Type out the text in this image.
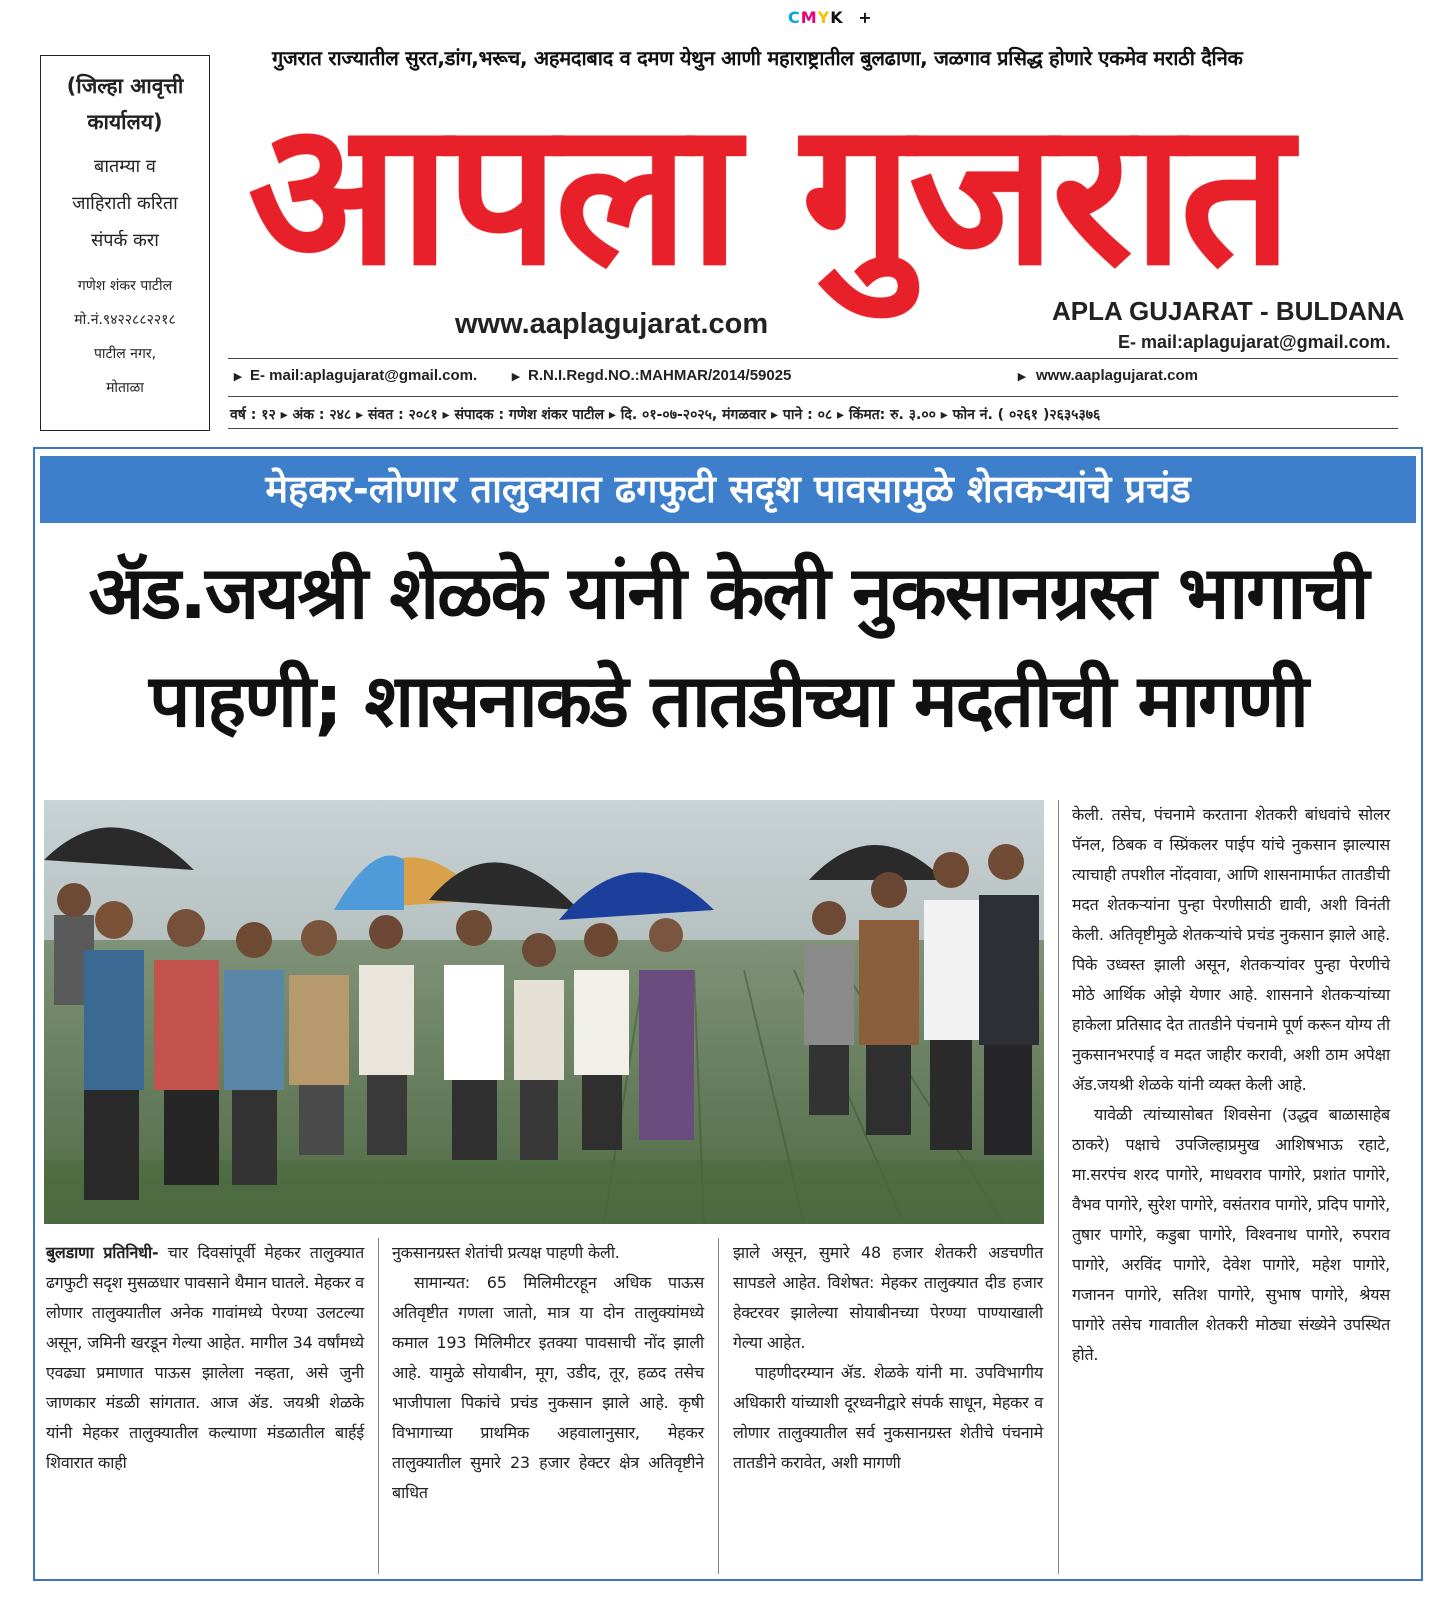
CMYK +
(जिल्हा आवृत्ती
कार्यालय)
बातम्या व
जाहिराती करिता
संपर्क करा
गणेश शंकर पाटील
मो.नं.९४२२८८२२१८
पाटील नगर,
मोताळा
गुजरात राज्यातील सुरत,डांग,भरूच, अहमदाबाद व दमण येथुन आणी महाराष्ट्रातील बुलढाणा, जळगाव प्रसिद्ध होणारे एकमेव मराठी दैनिक
आपला गुजरात
www.aaplagujarat.com	APLA GUJARAT - BULDANA
E- mail:aplagujarat@gmail.com.
▸ E- mail:aplagujarat@gmail.com. ▸ R.N.I.Regd.NO.:MAHMAR/2014/59025	▸ www.aaplagujarat.com
वर्ष : १२ ▸ अंक : २४८ ▸ संवत : २०८१ ▸ संपादक : गणेश शंकर पाटील ▸ दि. ०१-०७-२०२५, मंगळवार ▸ पाने : ०८ ▸ किंमत: रु. ३.०० ▸ फोन नं. ( ०२६१ )२६३५३७६
मेहकर-लोणार तालुक्यात ढगफुटी सदृश पावसामुळे शेतकऱ्यांचे प्रचंड
ॲड.जयश्री शेळके यांनी केली नुकसानग्रस्त भागाची
पाहणी; शासनाकडे तातडीच्या मदतीची मागणी

बुलडाणा प्रतिनिधी- चार दिवसांपूर्वी मेहकर तालुक्यात ढगफुटी सदृश मुसळधार पावसाने थैमान घातले. मेहकर व लोणार तालुक्यातील अनेक गावांमध्ये पेरण्या उलटल्या असून, जमिनी खरडून गेल्या आहेत. मागील 34 वर्षांमध्ये एवढ्या प्रमाणात पाऊस झालेला नव्हता, असे जुनी जाणकार मंडळी सांगतात. आज ॲड. जयश्री शेळके यांनी मेहकर तालुक्यातील कल्याणा मंडळातील बार्हई शिवारात काही

नुकसानग्रस्त शेतांची प्रत्यक्ष पाहणी केली.

सामान्यत: 65 मिलिमीटरहून अधिक पाऊस अतिवृष्टीत गणला जातो, मात्र या दोन तालुक्यांमध्ये कमाल 193 मिलिमीटर इतक्या पावसाची नोंद झाली आहे. यामुळे सोयाबीन, मूग, उडीद, तूर, हळद तसेच भाजीपाला पिकांचे प्रचंड नुकसान झाले आहे. कृषी विभागाच्या प्राथमिक अहवालानुसार, मेहकर तालुक्यातील सुमारे 23 हजार हेक्टर क्षेत्र अतिवृष्टीने बाधित

झाले असून, सुमारे 48 हजार शेतकरी अडचणीत सापडले आहेत. विशेषत: मेहकर तालुक्यात दीड हजार हेक्टरवर झालेल्या सोयाबीनच्या पेरण्या पाण्याखाली गेल्या आहेत.

पाहणीदरम्यान ॲड. शेळके यांनी मा. उपविभागीय अधिकारी यांच्याशी दूरध्वनीद्वारे संपर्क साधून, मेहकर व लोणार तालुक्यातील सर्व नुकसानग्रस्त शेतीचे पंचनामे तातडीने करावेत, अशी मागणी

केली. तसेच, पंचनामे करताना शेतकरी बांधवांचे सोलर पॅनल, ठिबक व स्प्रिंकलर पाईप यांचे नुकसान झाल्यास त्याचाही तपशील नोंदवावा, आणि शासनामार्फत तातडीची मदत शेतकऱ्यांना पुन्हा पेरणीसाठी द्यावी, अशी विनंती केली. अतिवृष्टीमुळे शेतकऱ्यांचे प्रचंड नुकसान झाले आहे. पिके उध्वस्त झाली असून, शेतकऱ्यांवर पुन्हा पेरणीचे मोठे आर्थिक ओझे येणार आहे. शासनाने शेतकऱ्यांच्या हाकेला प्रतिसाद देत तातडीने पंचनामे पूर्ण करून योग्य ती नुकसानभरपाई व मदत जाहीर करावी, अशी ठाम अपेक्षा ॲड.जयश्री शेळके यांनी व्यक्त केली आहे.

यावेळी त्यांच्यासोबत शिवसेना (उद्धव बाळासाहेब ठाकरे) पक्षाचे उपजिल्हाप्रमुख आशिषभाऊ रहाटे, मा.सरपंच शरद पागोरे, माधवराव पागोरे, प्रशांत पागोरे, वैभव पागोरे, सुरेश पागोरे, वसंतराव पागोरे, प्रदिप पागोरे, तुषार पागोरे, कडुबा पागोरे, विश्वनाथ पागोरे, रुपराव पागोरे, अरविंद पागोरे, देवेश पागोरे, महेश पागोरे, गजानन पागोरे, सतिश पागोरे, सुभाष पागोरे, श्रेयस पागोरे तसेच गावातील शेतकरी मोठ्या संख्येने उपस्थित होते.
